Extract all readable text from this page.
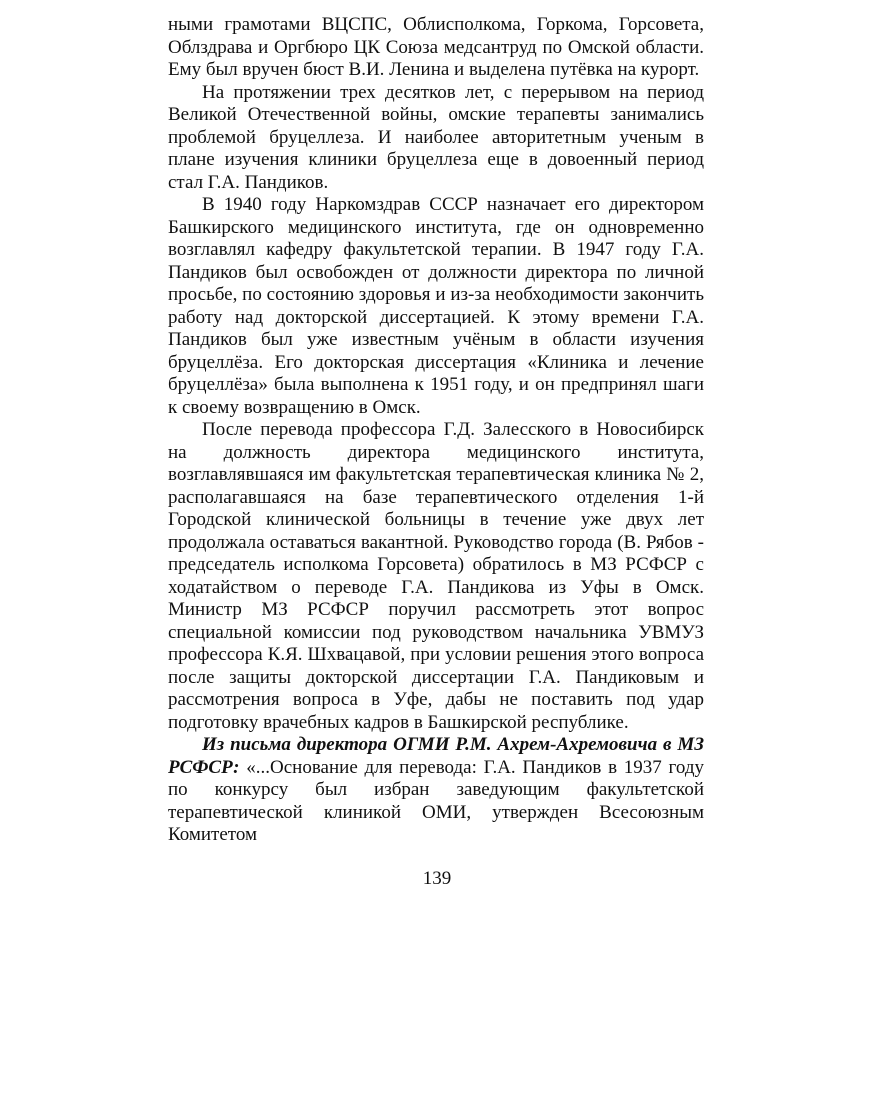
ными грамотами ВЦСПС, Облисполкома, Горкома, Горсовета, Облздрава и Оргбюро ЦК Союза медсантруд по Омской области. Ему был вручен бюст В.И. Ленина и выделена путёвка на курорт.

На протяжении трех десятков лет, с перерывом на период Великой Отечественной войны, омские терапевты занимались проблемой бруцеллеза. И наиболее авторитетным ученым в плане изучения клиники бруцеллеза еще в довоенный период стал Г.А. Пандиков.

В 1940 году Наркомздрав СССР назначает его директором Башкирского медицинского института, где он одновременно возглавлял кафедру факультетской терапии. В 1947 году Г.А. Пандиков был освобожден от должности директора по личной просьбе, по состоянию здоровья и из-за необходимости закончить работу над докторской диссертацией. К этому времени Г.А. Пандиков был уже известным учёным в области изучения бруцеллёза. Его докторская диссертация «Клиника и лечение бруцеллёза» была выполнена к 1951 году, и он предпринял шаги к своему возвращению в Омск.

После перевода профессора Г.Д. Залесского в Новосибирск на должность директора медицинского института, возглавлявшаяся им факультетская терапевтическая клиника № 2, располагавшаяся на базе терапевтического отделения 1-й Городской клинической больницы в течение уже двух лет продолжала оставаться вакантной. Руководство города (В. Рябов - председатель исполкома Горсовета) обратилось в МЗ РСФСР с ходатайством о переводе Г.А. Пандикова из Уфы в Омск. Министр МЗ РСФСР поручил рассмотреть этот вопрос специальной комиссии под руководством начальника УВМУЗ профессора К.Я. Шхвацавой, при условии решения этого вопроса после защиты докторской диссертации Г.А. Пандиковым и рассмотрения вопроса в Уфе, дабы не поставить под удар подготовку врачебных кадров в Башкирской республике.

Из письма директора ОГМИ Р.М. Ахрем-Ахремовича в МЗ РСФСР: «...Основание для перевода: Г.А. Пандиков в 1937 году по конкурсу был избран заведующим факультетской терапевтической клиникой ОМИ, утвержден Всесоюзным Комитетом

139
